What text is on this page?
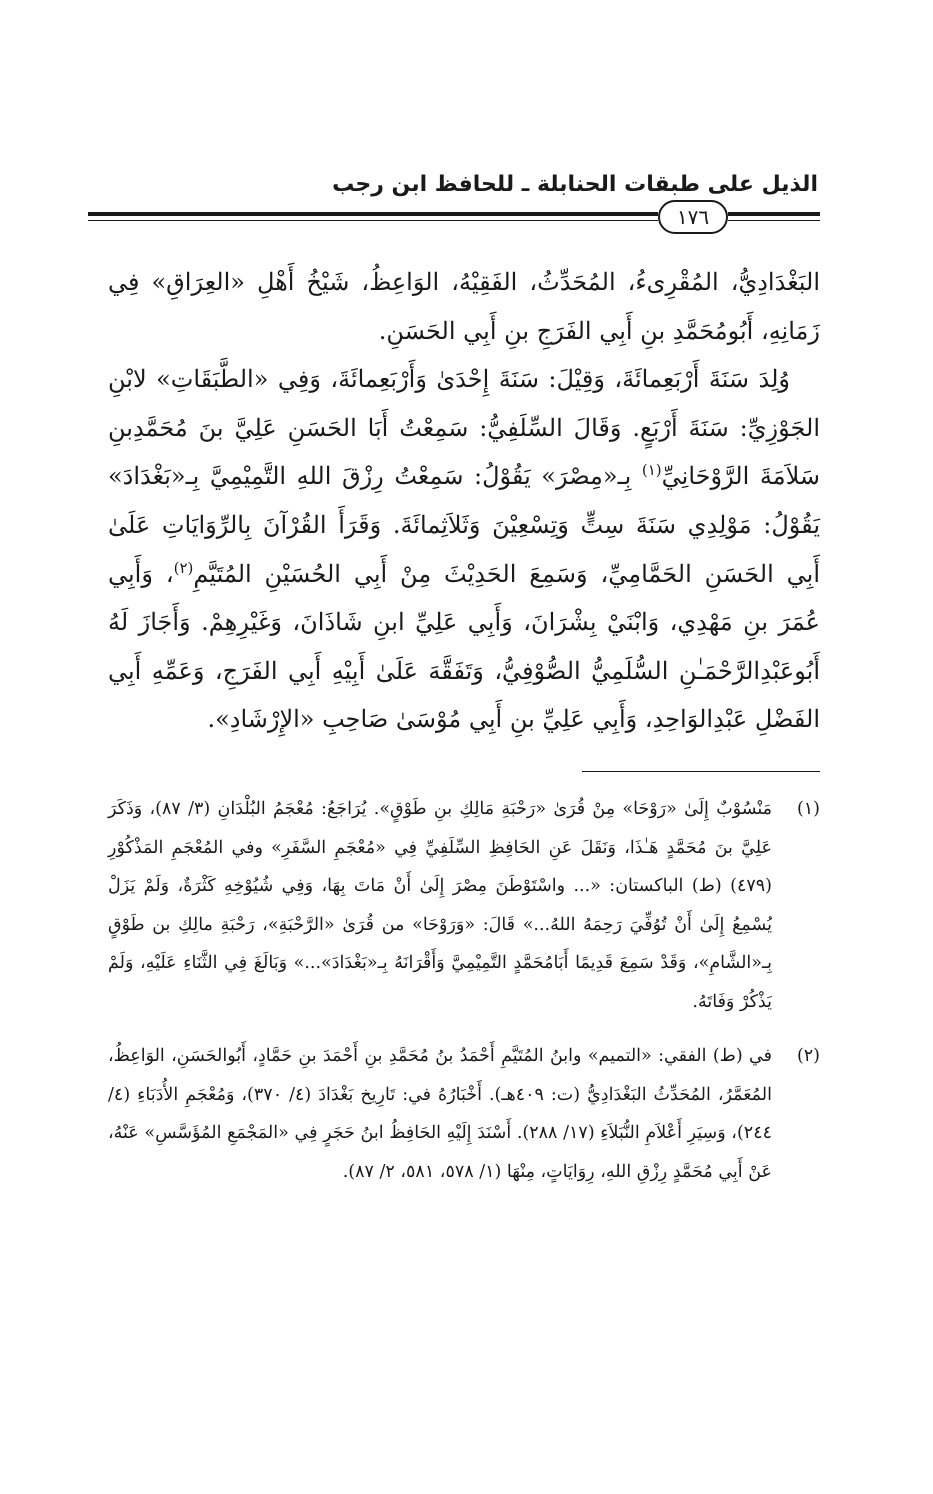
الذيل على طبقات الحنابلة ـ للحافظ ابن رجب
١٧٦

البَغْدَادِيُّ، المُقْرِىءُ، المُحَدِّثُ، الفَقِيْهُ، الوَاعِظُ، شَيْخُ أَهْلِ «العِرَاقِ» فِي زَمَانِهِ، أَبُومُحَمَّدِ بنِ أَبِي الفَرَجِ بنِ أَبِي الحَسَنِ.

وُلِدَ سَنَةَ أَرْبَعِمائَةَ، وَقِيْلَ: سَنَةَ إِحْدَىٰ وَأَرْبَعِمائَةَ، وَفِي «الطَّبَقَاتِ» لابْنِ الجَوْزِيِّ: سَنَةَ أَرْبَعٍ. وَقَالَ السِّلَفِيُّ: سَمِعْتُ أَبَا الحَسَنِ عَلِيَّ بنَ مُحَمَّدِبنِ سَلاَمَةَ الرَّوْحَانِيِّ$^{(١)}$ بِـ«مِصْرَ» يَقُوْلُ: سَمِعْتُ رِزْقَ اللهِ التَّمِيْمِيَّ بِـ«بَغْدَادَ» يَقُوْلُ: مَوْلِدِي سَنَةَ سِتٍّ وَتِسْعِيْنَ وَثَلاَثِمائَةَ. وَقَرَأَ القُرْآنَ بِالرِّوَايَاتِ عَلَىٰ أَبِي الحَسَنِ الحَمَّامِيِّ، وَسَمِعَ الحَدِيْثَ مِنْ أَبِي الحُسَيْنِ المُتَيَّمِ$^{(٢)}$، وَأَبِي عُمَرَ بنِ مَهْدِي، وَابْنَيْ بِشْرَانَ، وَأَبِي عَلِيِّ ابنِ شَاذَانَ، وَغَيْرِهِمْ. وَأَجَازَ لَهُ أَبُوعَبْدِالرَّحْمَـٰنِ السُّلَمِيُّ الصُّوْفِيُّ، وَتَفَقَّهَ عَلَىٰ أَبِيْهِ أَبِي الفَرَجِ، وَعَمِّهِ أَبِي الفَضْلِ عَبْدِالوَاحِدِ، وَأَبِي عَلِيِّ بنِ أَبِي مُوْسَىٰ صَاحِبِ «الإِرْشَادِ».

(١)
مَنْسُوْبٌ إِلَىٰ «رَوْحَا» مِنْ قُرَىٰ «رَحْبَةِ مَالِكِ بنِ طَوْقٍ». يُرَاجَعُ: مُعْجَمُ البُلْدَانِ (٣/ ٨٧)، وَذَكَرَ عَلِيَّ بنَ مُحَمَّدٍ هَـٰذَا، وَنَقَلَ عَنِ الحَافِظِ السِّلَفِيِّ فِي «مُعْجَمِ السَّفَرِ» وفي المُعْجَمِ المَذْكُوْرِ (٤٧٩) (ط) الباكستان: «... واسْتَوْطَنَ مِصْرَ إِلَىٰ أَنْ مَاتَ بِهَا، وَفِي شُيُوْخِهِ كَثْرَةٌ، وَلَمْ يَزَلْ يُسْمِعُ إِلَىٰ أَنْ تُوُفِّيَ رَحِمَهُ اللهُ...» قَالَ: «وَرَوْحَا» من قُرَىٰ «الرَّحْبَةِ»، رَحْبَةِ مالِكِ بن طَوْقٍ بِـ«الشَّامِ»، وَقَدْ سَمِعَ قَدِيمًا أَبَامُحَمَّدٍ التَّمِيْمِيَّ وَأَقْرَانَهُ بِـ«بَغْدَادَ»...» وَبَالَغَ فِي الثَّنَاءِ عَلَيْهِ، وَلَمْ يَذْكُرْ وَفَاتَهُ.
(٢)
في (ط) الفقي: «التميم» وابنُ المُتَيَّمِ أَحْمَدُ بنُ مُحَمَّدِ بنِ أَحْمَدَ بنِ حَمَّادٍ، أَبُوالحَسَنِ، الوَاعِظُ، المُعَمَّرُ، المُحَدِّثُ البَغْدَادِيُّ (ت: ٤٠٩هـ). أَخْبَارُهُ في: تَارِيخ بَغْدَادَ (٤/ ٣٧٠)، وَمُعْجَمِ الأُدَبَاءِ (٤/ ٢٤٤)، وَسِيَرِ أَعْلاَمِ النُّبَلاَءِ (١٧/ ٢٨٨). أَسْنَدَ إِلَيْهِ الحَافِظُ ابنُ حَجَرٍ فِي «المَجْمَعِ المُؤَسَّسِ» عَنْهُ، عَنْ أَبِي مُحَمَّدٍ رِزْقِ اللهِ، رِوَايَاتٍ، مِنْهَا (١/ ٥٧٨، ٥٨١، ٢/ ٨٧).
